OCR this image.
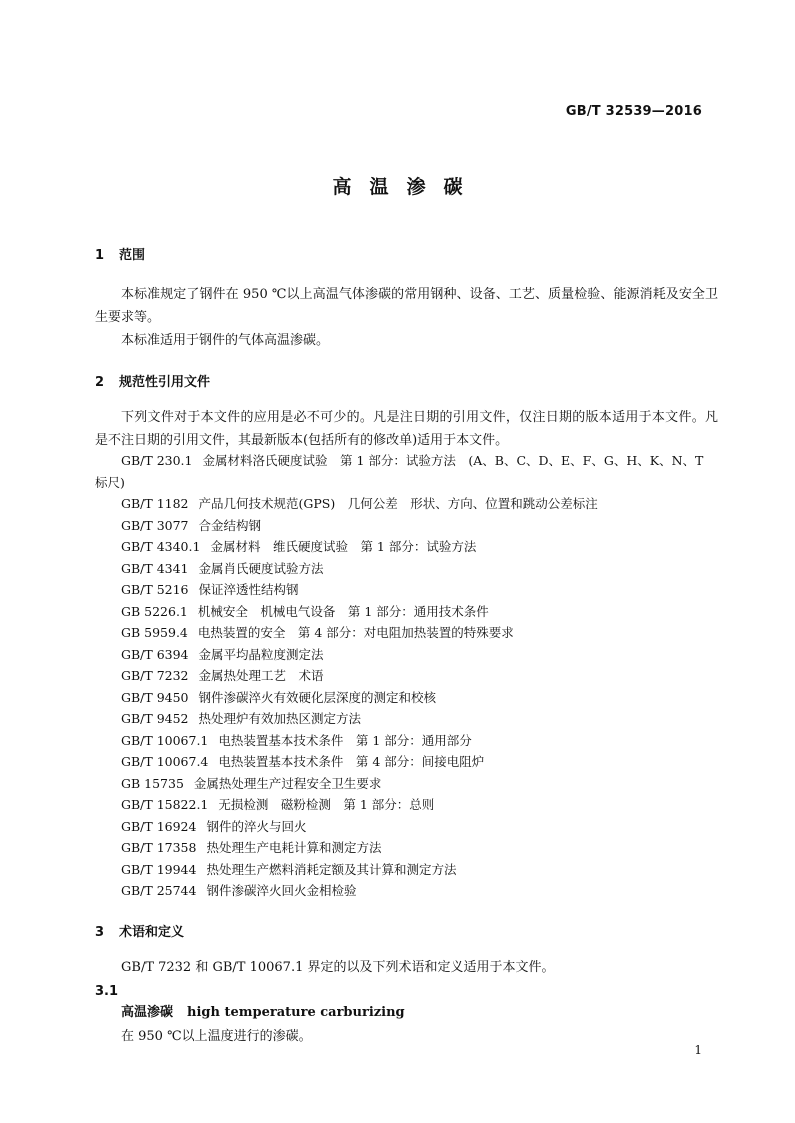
GB/T 32539—2016
高 温 渗 碳
1 范围

本标准规定了钢件在 950 ℃以上高温气体渗碳的常用钢种、设备、工艺、质量检验、能源消耗及安全卫生要求等。

本标准适用于钢件的气体高温渗碳。

2 规范性引用文件

下列文件对于本文件的应用是必不可少的。凡是注日期的引用文件，仅注日期的版本适用于本文件。凡是不注日期的引用文件，其最新版本(包括所有的修改单)适用于本文件。

GB/T 230.1 金属材料洛氏硬度试验　第 1 部分：试验方法　(A、B、C、D、E、F、G、H、K、N、T 标尺)
GB/T 1182 产品几何技术规范(GPS)　几何公差　形状、方向、位置和跳动公差标注
GB/T 3077 合金结构钢
GB/T 4340.1 金属材料　维氏硬度试验　第 1 部分：试验方法
GB/T 4341 金属肖氏硬度试验方法
GB/T 5216 保证淬透性结构钢
GB 5226.1 机械安全　机械电气设备　第 1 部分：通用技术条件
GB 5959.4 电热装置的安全　第 4 部分：对电阻加热装置的特殊要求
GB/T 6394 金属平均晶粒度测定法
GB/T 7232 金属热处理工艺　术语
GB/T 9450 钢件渗碳淬火有效硬化层深度的测定和校核
GB/T 9452 热处理炉有效加热区测定方法
GB/T 10067.1 电热装置基本技术条件　第 1 部分：通用部分
GB/T 10067.4 电热装置基本技术条件　第 4 部分：间接电阻炉
GB 15735 金属热处理生产过程安全卫生要求
GB/T 15822.1 无损检测　磁粉检测　第 1 部分：总则
GB/T 16924 钢件的淬火与回火
GB/T 17358 热处理生产电耗计算和测定方法
GB/T 19944 热处理生产燃料消耗定额及其计算和测定方法
GB/T 25744 钢件渗碳淬火回火金相检验
3 术语和定义

GB/T 7232 和 GB/T 10067.1 界定的以及下列术语和定义适用于本文件。

3.1
高温渗碳 high temperature carburizing
在 950 ℃以上温度进行的渗碳。
1
